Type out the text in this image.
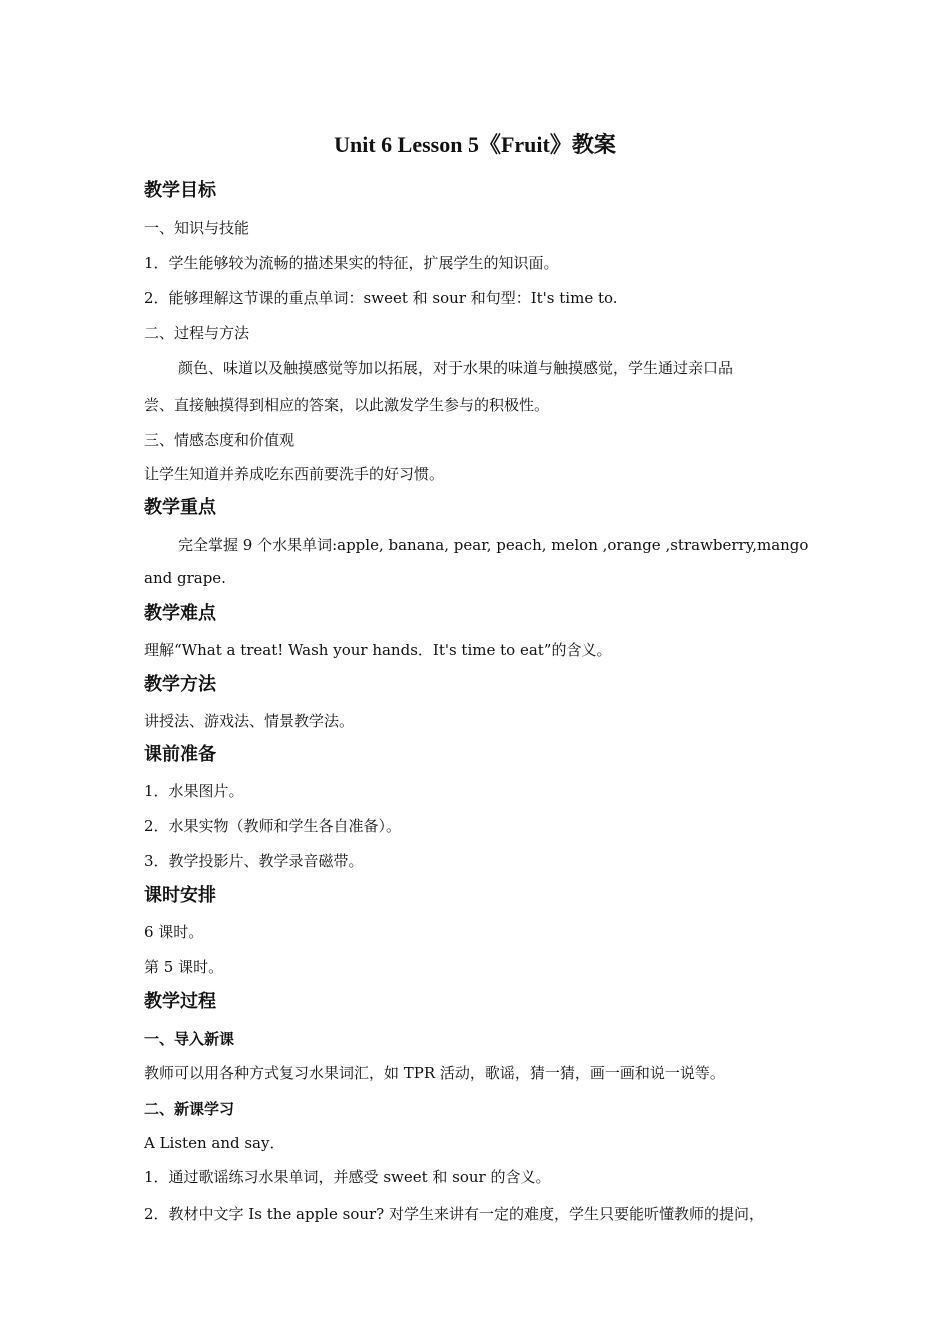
Unit 6 Lesson 5《Fruit》教案
教学目标
一、知识与技能
1．学生能够较为流畅的描述果实的特征，扩展学生的知识面。
2．能够理解这节课的重点单词：sweet 和 sour 和句型：It's time to.
二、过程与方法
颜色、味道以及触摸感觉等加以拓展，对于水果的味道与触摸感觉，学生通过亲口品
尝、直接触摸得到相应的答案，以此激发学生参与的积极性。
三、情感态度和价值观
让学生知道并养成吃东西前要洗手的好习惯。
教学重点
完全掌握 9 个水果单词:apple, banana, pear, peach, melon ,orange ,strawberry,mango
and grape.
教学难点
理解“What a treat! Wash your hands．It's time to eat”的含义。
教学方法
讲授法、游戏法、情景教学法。
课前准备
1．水果图片。
2．水果实物（教师和学生各自准备）。
3．教学投影片、教学录音磁带。
课时安排
6 课时。
第 5 课时。
教学过程
一、导入新课
教师可以用各种方式复习水果词汇，如 TPR 活动，歌谣，猜一猜，画一画和说一说等。
二、新课学习
A Listen and say．
1．通过歌谣练习水果单词，并感受 sweet 和 sour 的含义。
2．教材中文字 Is the apple sour? 对学生来讲有一定的难度，学生只要能听懂教师的提问，
